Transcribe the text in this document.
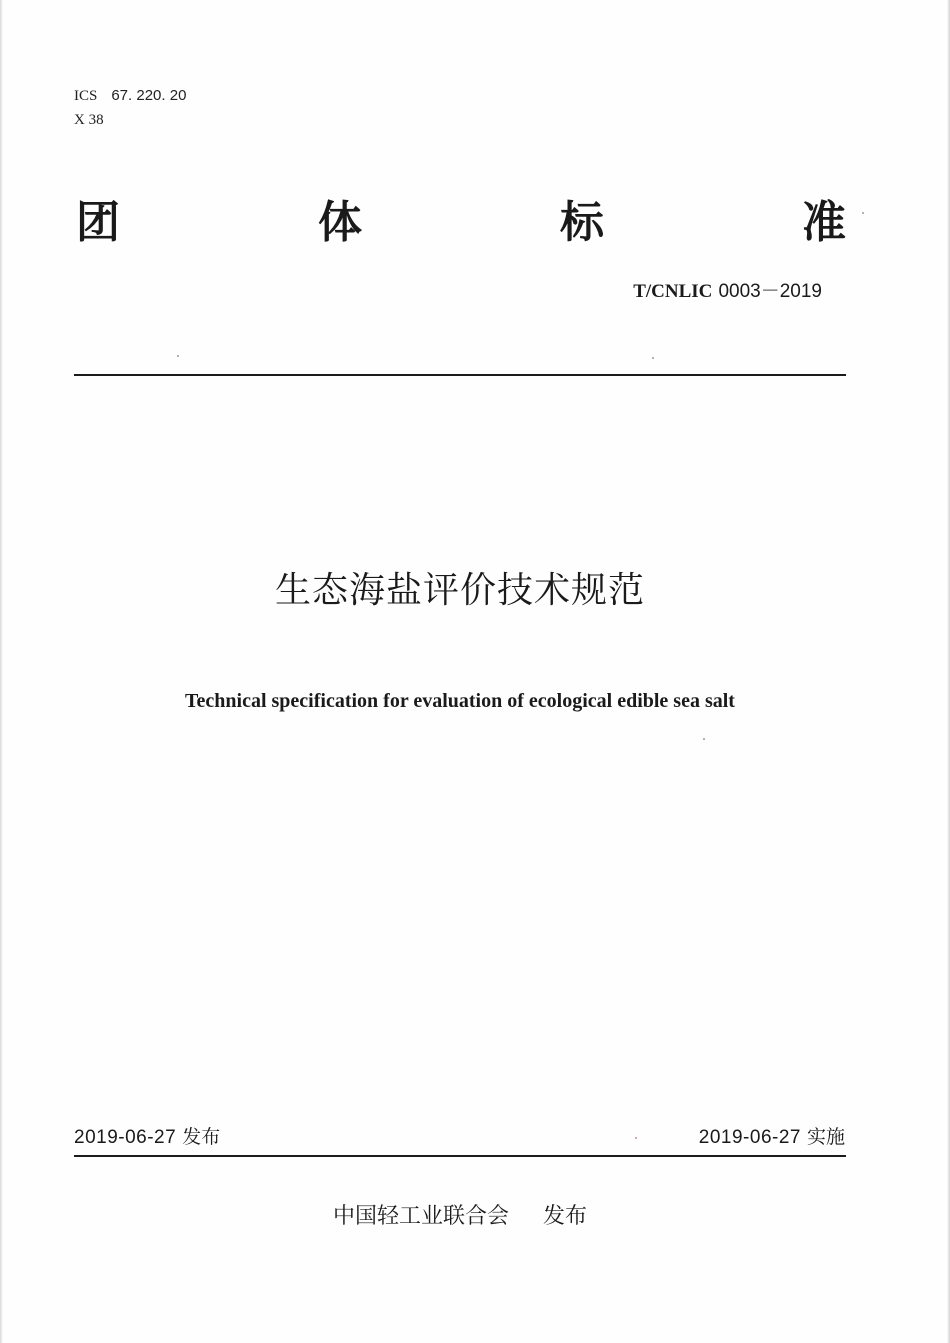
ICS 67. 220. 20
X 38
团	体	标	准
T/CNLIC 0003－2019
生态海盐评价技术规范
Technical specification for evaluation of ecological edible sea salt
2019-06-27 发布	2019-06-27 实施
中国轻工业联合会 发布
